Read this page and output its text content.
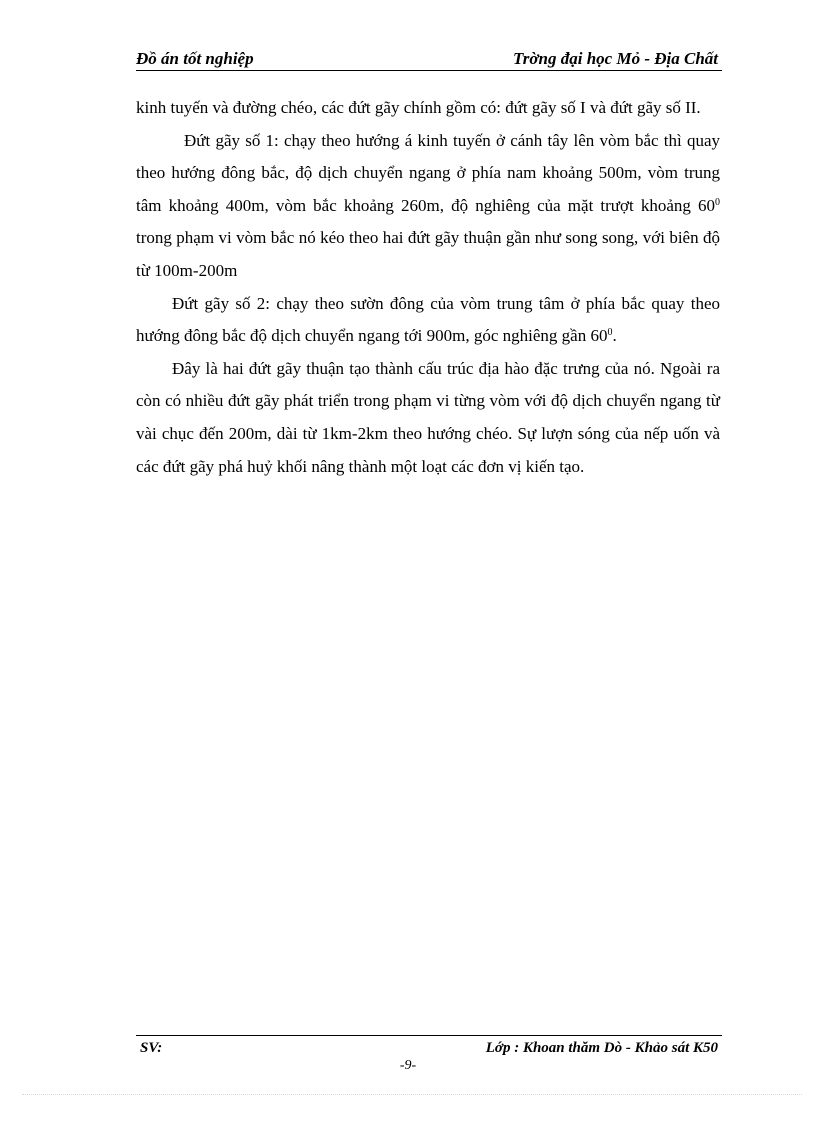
Đồ án tốt nghiệp	Trờng đại học Mỏ - Địa Chất

kinh tuyến và đường chéo, các đứt gãy chính gồm có: đứt gãy số I và đứt gãy số II.

Đứt gãy số 1: chạy theo hướng á kinh tuyến ở cánh tây lên vòm bắc thì quay theo hướng đông bắc, độ dịch chuyển ngang ở phía nam khoảng 500m, vòm trung tâm khoảng 400m, vòm bắc khoảng 260m, độ nghiêng của mặt trượt khoảng $60^0$ trong phạm vi vòm bắc nó kéo theo hai đứt gãy thuận gần như song song, với biên độ từ 100m-200m

Đứt gãy số 2: chạy theo sườn đông của vòm trung tâm ở phía bắc quay theo hướng đông bắc độ dịch chuyển ngang tới 900m, góc nghiêng gần $60^0$.

Đây là hai đứt gãy thuận tạo thành cấu trúc địa hào đặc trưng của nó. Ngoài ra còn có nhiều đứt gãy phát triển trong phạm vi từng vòm với độ dịch chuyển ngang từ vài chục đến 200m, dài từ 1km-2km theo hướng chéo. Sự lượn sóng của nếp uốn và các đứt gãy phá huỷ khối nâng thành một loạt các đơn vị kiến tạo.

SV:	Lớp : Khoan thăm Dò - Khảo sát K50
-9-
